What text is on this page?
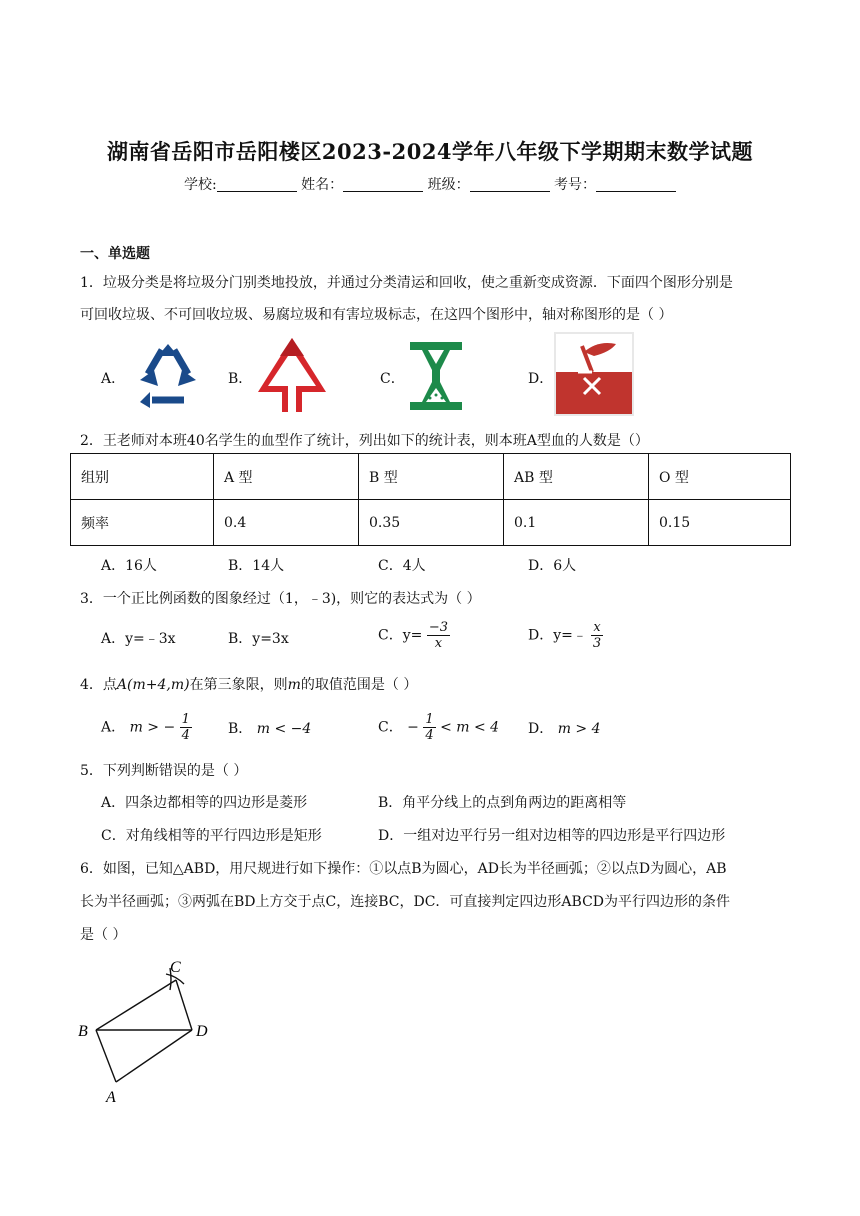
湖南省岳阳市岳阳楼区2023-2024学年八年级下学期期末数学试题
学校:	姓名：	班级：	考号：
一、单选题
1．垃圾分类是将垃圾分门别类地投放，并通过分类清运和回收，使之重新变成资源．下面四个图形分别是
可回收垃圾、不可回收垃圾、易腐垃圾和有害垃圾标志，在这四个图形中，轴对称图形的是（ ）
A．	B．	C．	D．
2．王老师对本班40名学生的血型作了统计，列出如下的统计表，则本班A型血的人数是（）
组别	A 型	B 型	AB 型	O 型
频率	0.4	0.35	0.1	0.15
A．16人	B．14人	C．4人	D．6人
3．一个正比例函数的图象经过（1，﹣3)，则它的表达式为（ ）
A．y=﹣3x	B．y=3x	C．$y= \frac{-3}{x}$	D．y=﹣ $\frac{x}{3}$
4．点A(m+4,m)在第三象限，则m的取值范围是（ ）
A． m > − $\frac{1}{4}$	B． m < −4	C． − $\frac{1}{4} < m < 4$ D． m > 4
5．下列判断错误的是（ ）
A．四条边都相等的四边形是菱形	B．角平分线上的点到角两边的距离相等
C．对角线相等的平行四边形是矩形	D．一组对边平行另一组对边相等的四边形是平行四边形
6．如图，已知△ABD，用尺规进行如下操作：①以点B为圆心，AD长为半径画弧；②以点D为圆心，AB
长为半径画弧；③两弧在BD上方交于点C，连接BC，DC．可直接判定四边形ABCD为平行四边形的条件
是（ ）
C
B	D
A
